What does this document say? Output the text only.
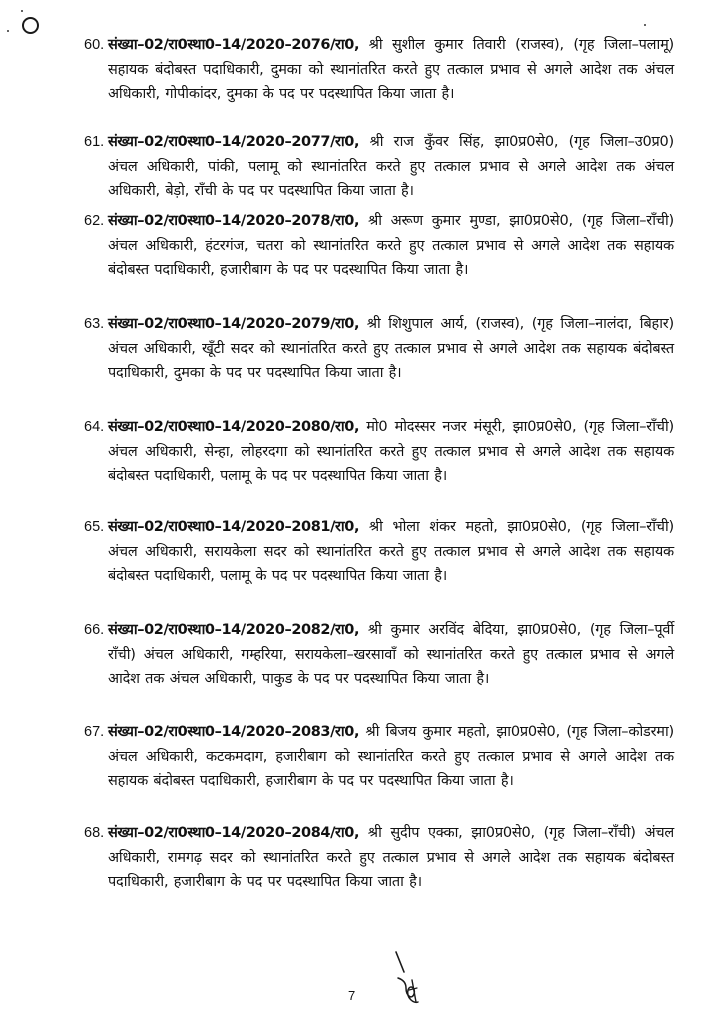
60. संख्या–02/रा0स्था0–14/2020–2076/रा0, श्री सुशील कुमार तिवारी (राजस्व), (गृह जिला–पलामू) सहायक बंदोबस्त पदाधिकारी, दुमका को स्थानांतरित करते हुए तत्काल प्रभाव से अगले आदेश तक अंचल अधिकारी, गोपीकांदर, दुमका के पद पर पदस्थापित किया जाता है।
61. संख्या–02/रा0स्था0–14/2020–2077/रा0, श्री राज कुँवर सिंह, झा0प्र0से0, (गृह जिला–उ0प्र0) अंचल अधिकारी, पांकी, पलामू को स्थानांतरित करते हुए तत्काल प्रभाव से अगले आदेश तक अंचल अधिकारी, बेड़ो, राँची के पद पर पदस्थापित किया जाता है।
62. संख्या–02/रा0स्था0–14/2020–2078/रा0, श्री अरूण कुमार मुण्डा, झा0प्र0से0, (गृह जिला–राँची) अंचल अधिकारी, हंटरगंज, चतरा को स्थानांतरित करते हुए तत्काल प्रभाव से अगले आदेश तक सहायक बंदोबस्त पदाधिकारी, हजारीबाग के पद पर पदस्थापित किया जाता है।
63. संख्या–02/रा0स्था0–14/2020–2079/रा0, श्री शिशुपाल आर्य, (राजस्व), (गृह जिला–नालंदा, बिहार) अंचल अधिकारी, खूँटी सदर को स्थानांतरित करते हुए तत्काल प्रभाव से अगले आदेश तक सहायक बंदोबस्त पदाधिकारी, दुमका के पद पर पदस्थापित किया जाता है।
64. संख्या–02/रा0स्था0–14/2020–2080/रा0, मो0 मोदस्सर नजर मंसूरी, झा0प्र0से0, (गृह जिला–राँची) अंचल अधिकारी, सेन्हा, लोहरदगा को स्थानांतरित करते हुए तत्काल प्रभाव से अगले आदेश तक सहायक बंदोबस्त पदाधिकारी, पलामू के पद पर पदस्थापित किया जाता है।
65. संख्या–02/रा0स्था0–14/2020–2081/रा0, श्री भोला शंकर महतो, झा0प्र0से0, (गृह जिला–राँची) अंचल अधिकारी, सरायकेला सदर को स्थानांतरित करते हुए तत्काल प्रभाव से अगले आदेश तक सहायक बंदोबस्त पदाधिकारी, पलामू के पद पर पदस्थापित किया जाता है।
66. संख्या–02/रा0स्था0–14/2020–2082/रा0, श्री कुमार अरविंद बेदिया, झा0प्र0से0, (गृह जिला–पूर्वी राँची) अंचल अधिकारी, गम्हरिया, सरायकेला–खरसावाँ को स्थानांतरित करते हुए तत्काल प्रभाव से अगले आदेश तक अंचल अधिकारी, पाकुड के पद पर पदस्थापित किया जाता है।
67. संख्या–02/रा0स्था0–14/2020–2083/रा0, श्री बिजय कुमार महतो, झा0प्र0से0, (गृह जिला–कोडरमा) अंचल अधिकारी, कटकमदाग, हजारीबाग को स्थानांतरित करते हुए तत्काल प्रभाव से अगले आदेश तक सहायक बंदोबस्त पदाधिकारी, हजारीबाग के पद पर पदस्थापित किया जाता है।
68. संख्या–02/रा0स्था0–14/2020–2084/रा0, श्री सुदीप एक्का, झा0प्र0से0, (गृह जिला–राँची) अंचल अधिकारी, रामगढ़ सदर को स्थानांतरित करते हुए तत्काल प्रभाव से अगले आदेश तक सहायक बंदोबस्त पदाधिकारी, हजारीबाग के पद पर पदस्थापित किया जाता है।
7
